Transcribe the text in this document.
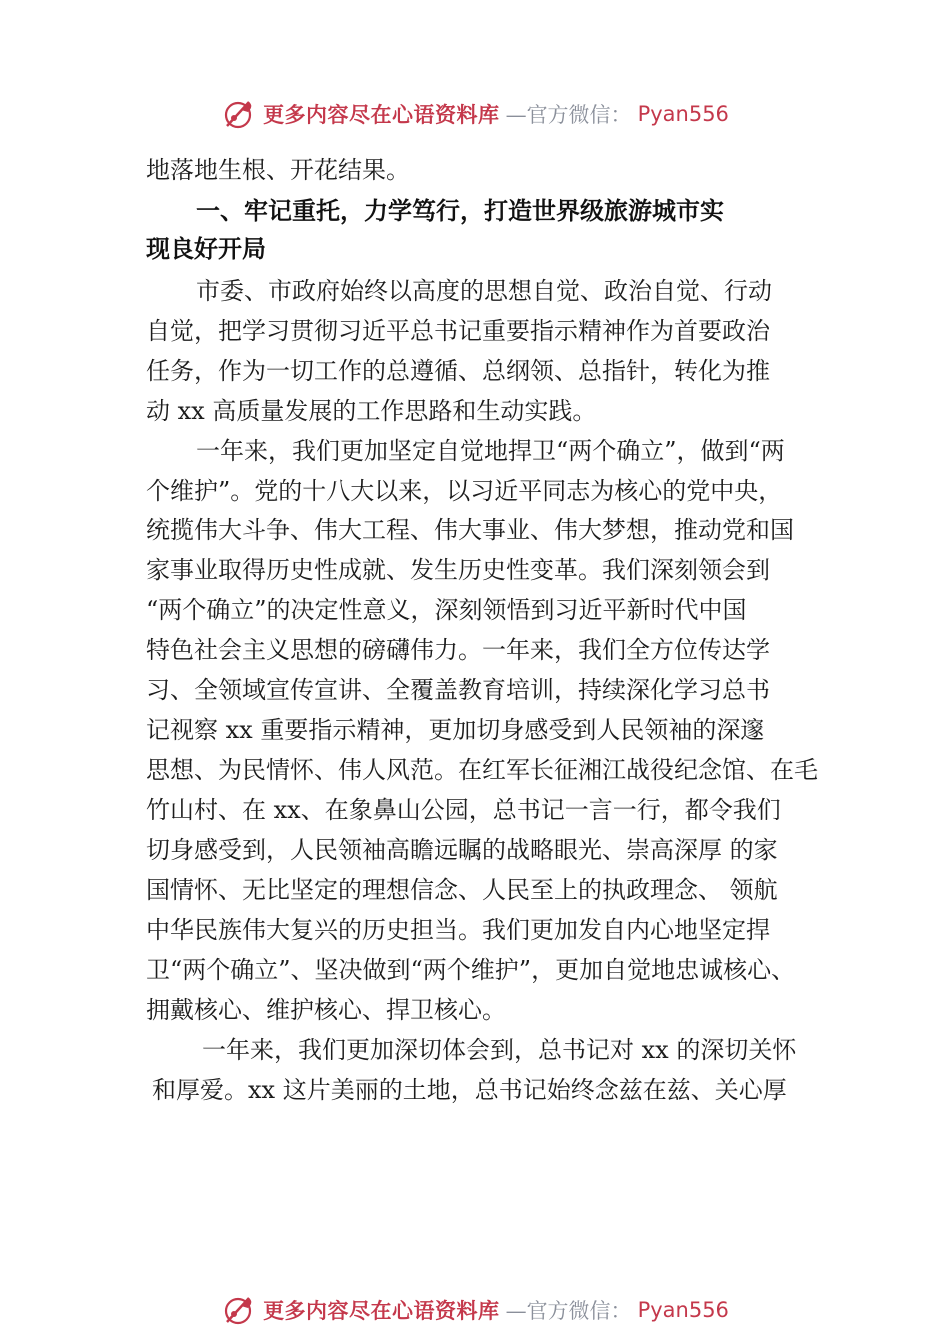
更多内容尽在心语资料库 —官方微信： Pyan556
地落地生根、开花结果。
一、牢记重托，力学笃行，打造世界级旅游城市实
现良好开局
市委、市政府始终以高度的思想自觉、政治自觉、行动
自觉，把学习贯彻习近平总书记重要指示精神作为首要政治
任务，作为一切工作的总遵循、总纲领、总指针，转化为推
动 xx 高质量发展的工作思路和生动实践。
一年来，我们更加坚定自觉地捍卫“两个确立”，做到“两
个维护”。党的十八大以来，以习近平同志为核心的党中央，
统揽伟大斗争、伟大工程、伟大事业、伟大梦想，推动党和国
家事业取得历史性成就、发生历史性变革。我们深刻领会到
“两个确立”的决定性意义，深刻领悟到习近平新时代中国
特色社会主义思想的磅礴伟力。一年来，我们全方位传达学
习、全领域宣传宣讲、全覆盖教育培训，持续深化学习总书
记视察 xx 重要指示精神，更加切身感受到人民领袖的深邃
思想、为民情怀、伟人风范。在红军长征湘江战役纪念馆、在毛
竹山村、在 xx、在象鼻山公园，总书记一言一行，都令我们
切身感受到，人民领袖高瞻远瞩的战略眼光、崇高深厚 的家
国情怀、无比坚定的理想信念、人民至上的执政理念、 领航
中华民族伟大复兴的历史担当。我们更加发自内心地坚定捍
卫“两个确立”、坚决做到“两个维护”，更加自觉地忠诚核心、
拥戴核心、维护核心、捍卫核心。
一年来，我们更加深切体会到，总书记对 xx 的深切关怀
和厚爱。xx 这片美丽的土地，总书记始终念兹在兹、关心厚
更多内容尽在心语资料库 —官方微信： Pyan556
